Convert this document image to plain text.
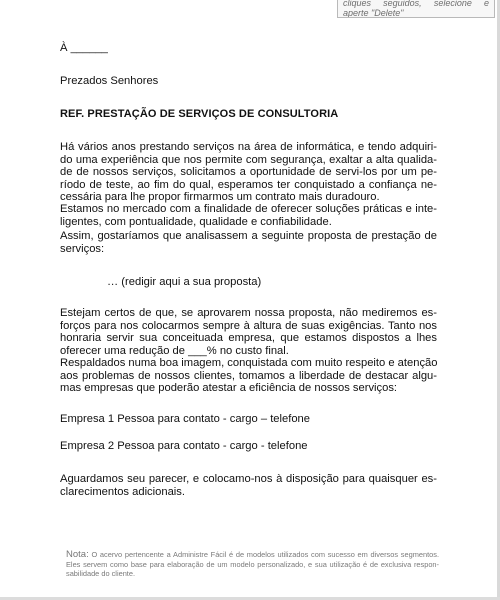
cliques seguidos, selecione e
aperte "Delete"
À ______
Prezados Senhores
REF. PRESTAÇÃO DE SERVIÇOS DE CONSULTORIA
Há vários anos prestando serviços na área de informática, e tendo adquiri-
do uma experiência que nos permite com segurança, exaltar a alta qualida-
de de nossos serviços, solicitamos a oportunidade de servi-los por um pe-
ríodo de teste, ao fim do qual, esperamos ter conquistado a confiança ne-
cessária para lhe propor firmarmos um contrato mais duradouro.
Estamos no mercado com a finalidade de oferecer soluções práticas e inte-
ligentes, com pontualidade, qualidade e confiabilidade.
Assim, gostaríamos que analisassem a seguinte proposta de prestação de
serviços:
… (redigir aqui a sua proposta)
Estejam certos de que, se aprovarem nossa proposta, não mediremos es-
forços para nos colocarmos sempre à altura de suas exigências. Tanto nos
honraria servir sua conceituada empresa, que estamos dispostos a lhes
oferecer uma redução de ___% no custo final.
Respaldados numa boa imagem, conquistada com muito respeito e atenção
aos problemas de nossos clientes, tomamos a liberdade de destacar algu-
mas empresas que poderão atestar a eficiência de nossos serviços:
Empresa 1 Pessoa para contato - cargo – telefone
Empresa 2 Pessoa para contato - cargo - telefone
Aguardamos seu parecer, e colocamo-nos à disposição para quaisquer es-
clarecimentos adicionais.
Nota: O acervo pertencente a Administre Fácil é de modelos utilizados com sucesso em diversos segmentos.
Eles servem como base para elaboração de um modelo personalizado, e sua utilização é de exclusiva respon-
sabilidade do cliente.
